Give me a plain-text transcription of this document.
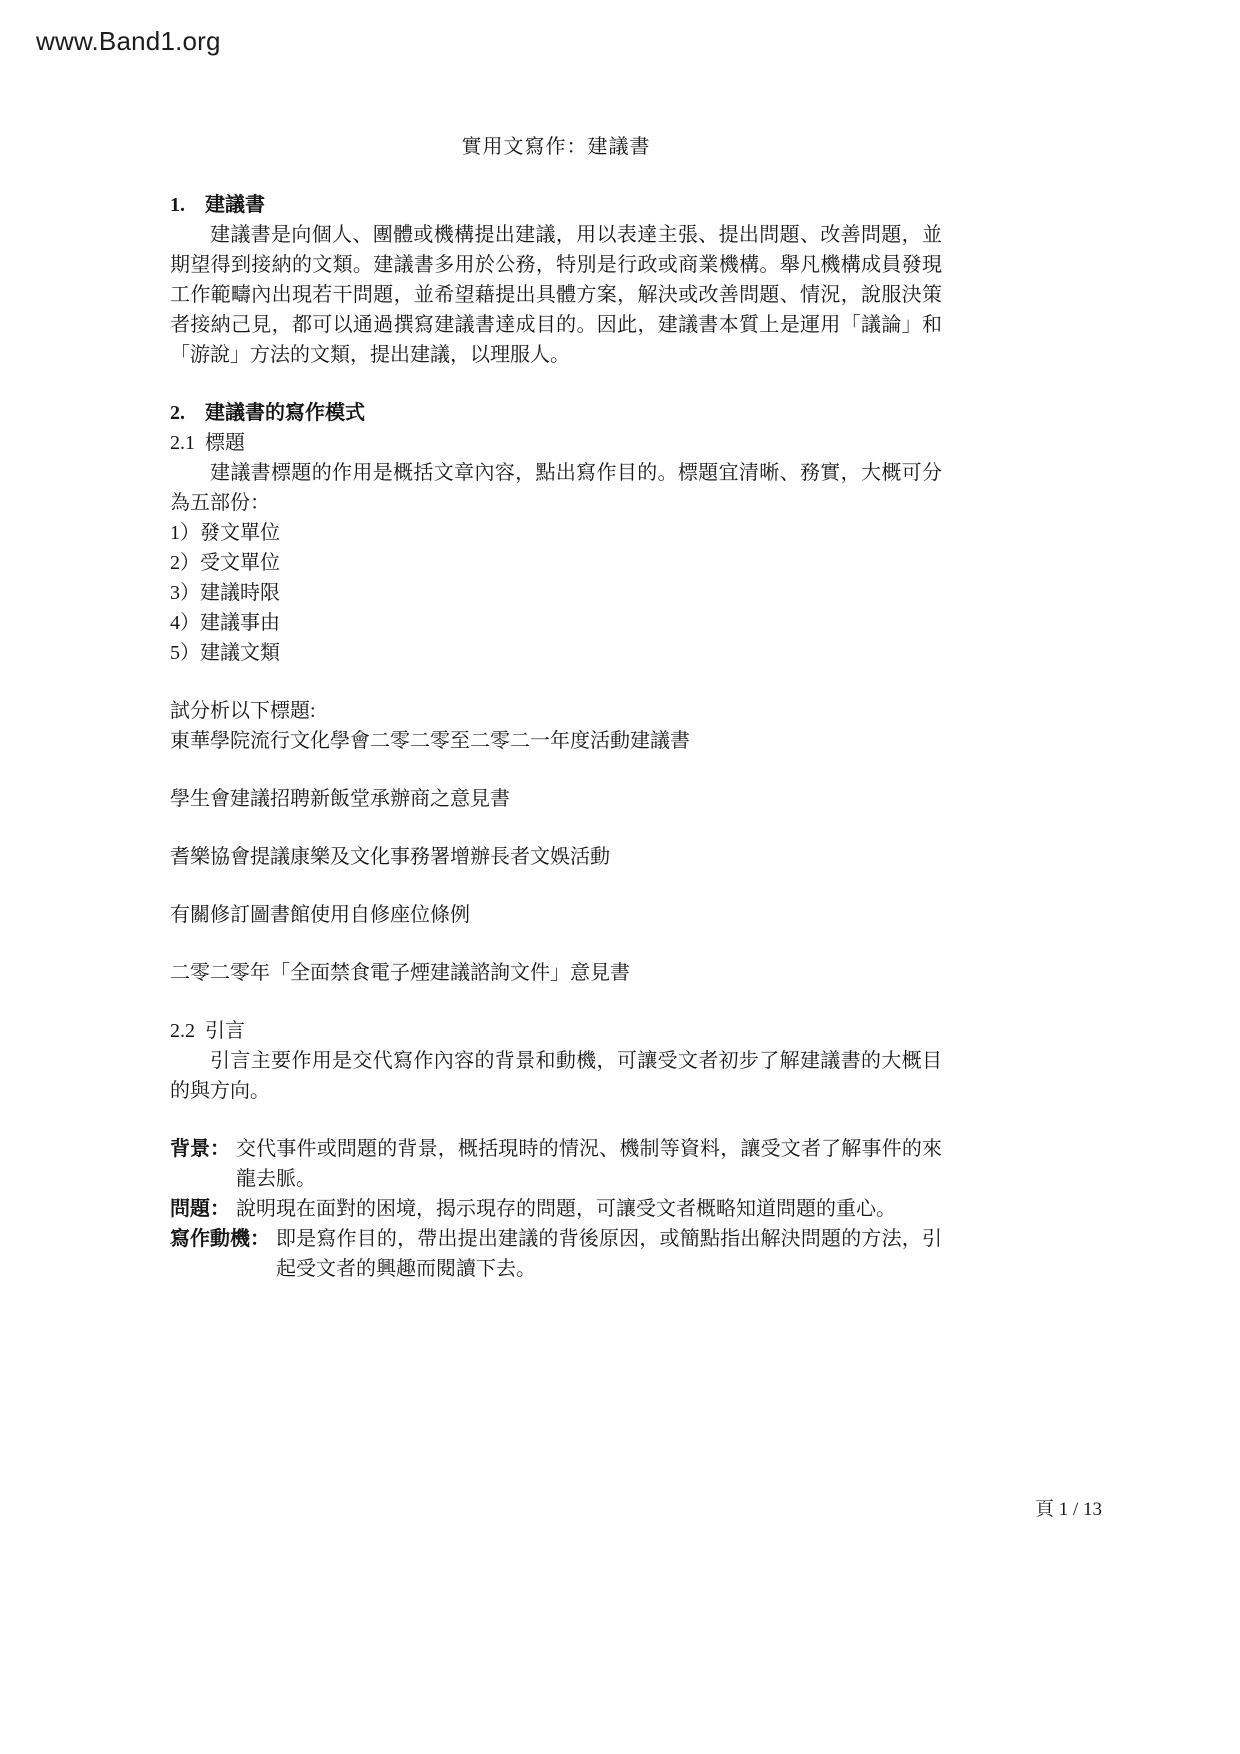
www.Band1.org
實用文寫作：建議書
1. 建議書

建議書是向個人、團體或機構提出建議，用以表達主張、提出問題、改善問題，並期望得到接納的文類。建議書多用於公務，特別是行政或商業機構。舉凡機構成員發現工作範疇內出現若干問題，並希望藉提出具體方案，解決或改善問題、情況，說服決策者接納己見，都可以通過撰寫建議書達成目的。因此，建議書本質上是運用「議論」和「游說」方法的文類，提出建議，以理服人。

2. 建議書的寫作模式
2.1 標題

建議書標題的作用是概括文章內容，點出寫作目的。標題宜清晰、務實，大概可分為五部份：

1）發文單位
2）受文單位
3）建議時限
4）建議事由
5）建議文類
試分析以下標題:
東華學院流行文化學會二零二零至二零二一年度活動建議書
學生會建議招聘新飯堂承辦商之意見書
耆樂協會提議康樂及文化事務署增辦長者文娛活動
有關修訂圖書館使用自修座位條例
二零二零年「全面禁食電子煙建議諮詢文件」意見書
2.2 引言

引言主要作用是交代寫作內容的背景和動機，可讓受文者初步了解建議書的大概目的與方向。

背景： 交代事件或問題的背景，概括現時的情況、機制等資料，讓受文者了解事件的來龍去脈。
問題： 說明現在面對的困境，揭示現存的問題，可讓受文者概略知道問題的重心。
寫作動機： 即是寫作目的，帶出提出建議的背後原因，或簡點指出解決問題的方法，引起受文者的興趣而閱讀下去。
頁 1 / 13
